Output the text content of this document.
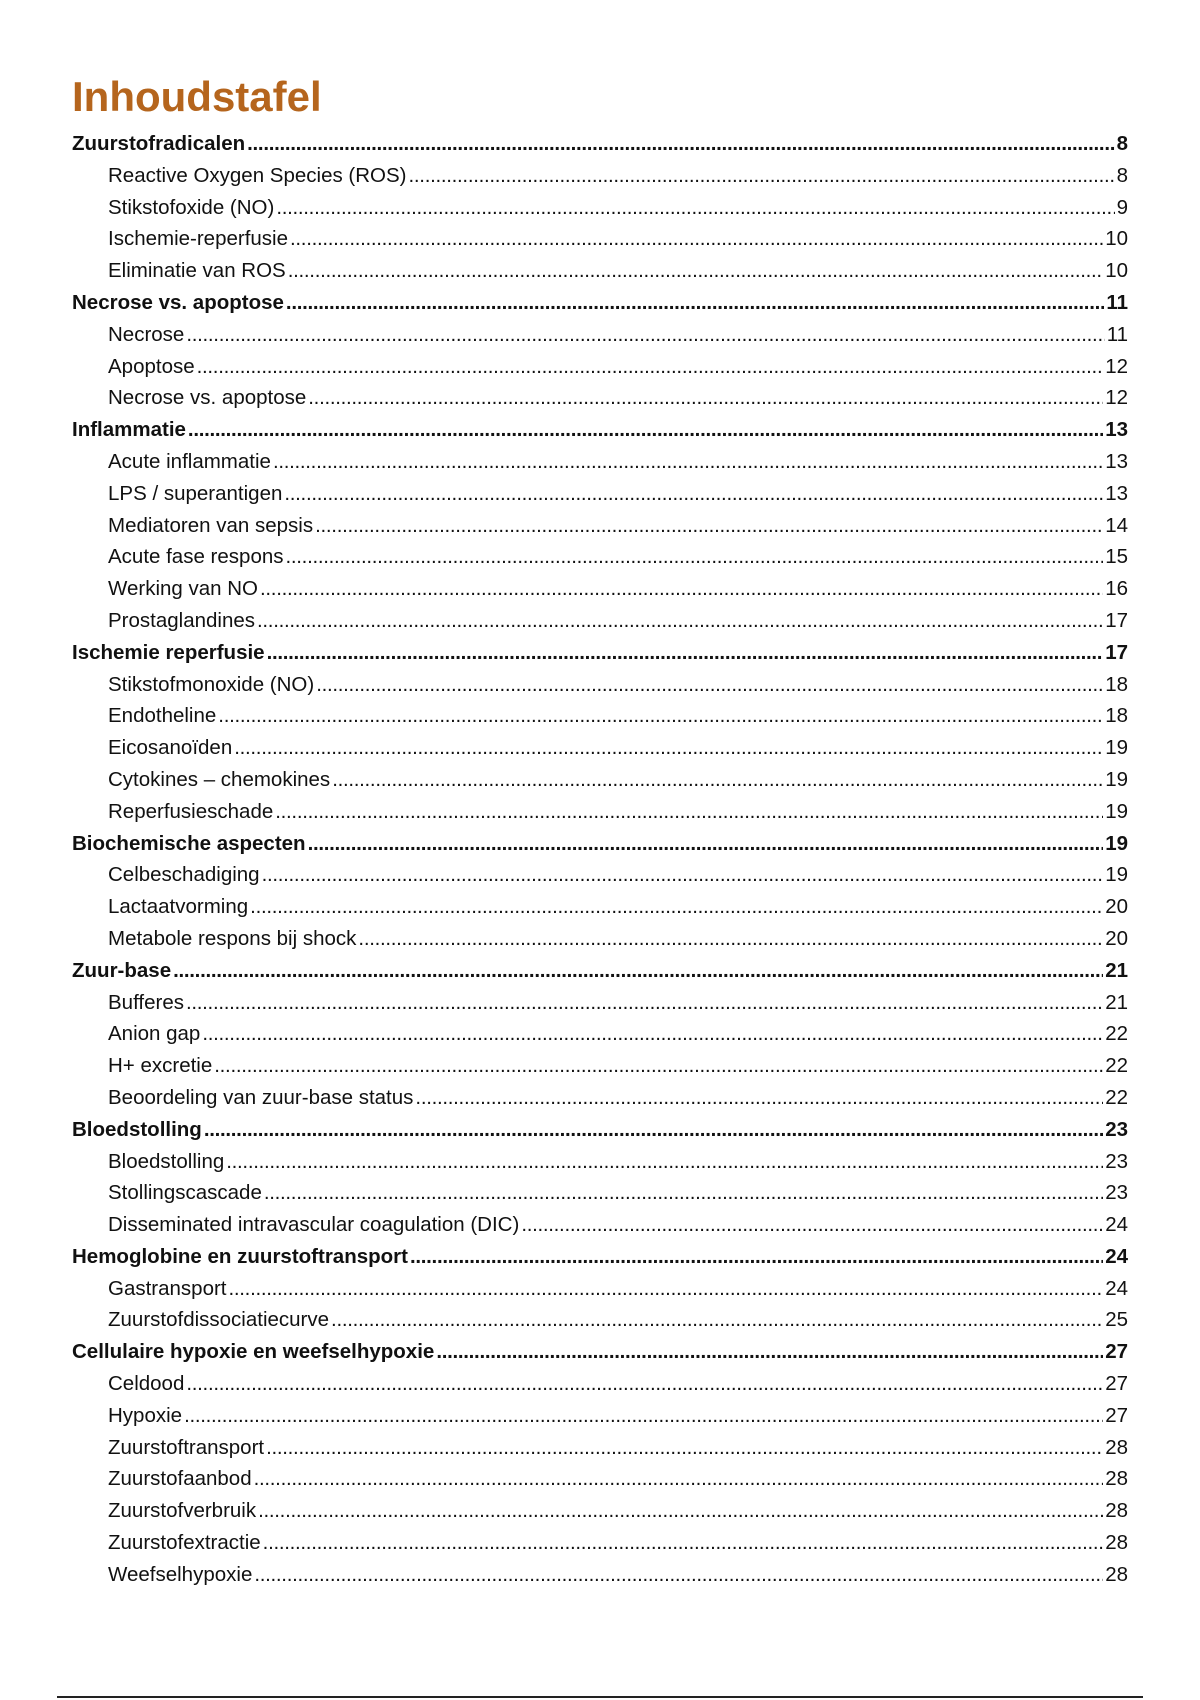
Inhoudstafel
Zuurstofradicalen . . .	8
Reactive Oxygen Species (ROS) . . .	8
Stikstofoxide (NO) . . .	9
Ischemie-reperfusie . . .	10
Eliminatie van ROS . . .	10
Necrose vs. apoptose . . .	11
Necrose . . .	11
Apoptose . . .	12
Necrose vs. apoptose . . .	12
Inflammatie . . .	13
Acute inflammatie . . .	13
LPS / superantigen . . .	13
Mediatoren van sepsis . . .	14
Acute fase respons . . .	15
Werking van NO . . .	16
Prostaglandines . . .	17
Ischemie reperfusie . . .	17
Stikstofmonoxide (NO) . . .	18
Endotheline . . .	18
Eicosanoïden . . .	19
Cytokines – chemokines . . .	19
Reperfusieschade . . .	19
Biochemische aspecten . . .	19
Celbeschadiging . . .	19
Lactaatvorming . . .	20
Metabole respons bij shock . . .	20
Zuur-base . . .	21
Bufferes . . .	21
Anion gap . . .	22
H+ excretie . . .	22
Beoordeling van zuur-base status . . .	22
Bloedstolling . . .	23
Bloedstolling . . .	23
Stollingscascade . . .	23
Disseminated intravascular coagulation (DIC) . . .	24
Hemoglobine en zuurstoftransport . . .	24
Gastransport . . .	24
Zuurstofdissociatiecurve . . .	25
Cellulaire hypoxie en weefselhypoxie . . .	27
Celdood . . .	27
Hypoxie . . .	27
Zuurstoftransport . . .	28
Zuurstofaanbod . . .	28
Zuurstofverbruik . . .	28
Zuurstofextractie . . .	28
Weefselhypoxie . . .	28
